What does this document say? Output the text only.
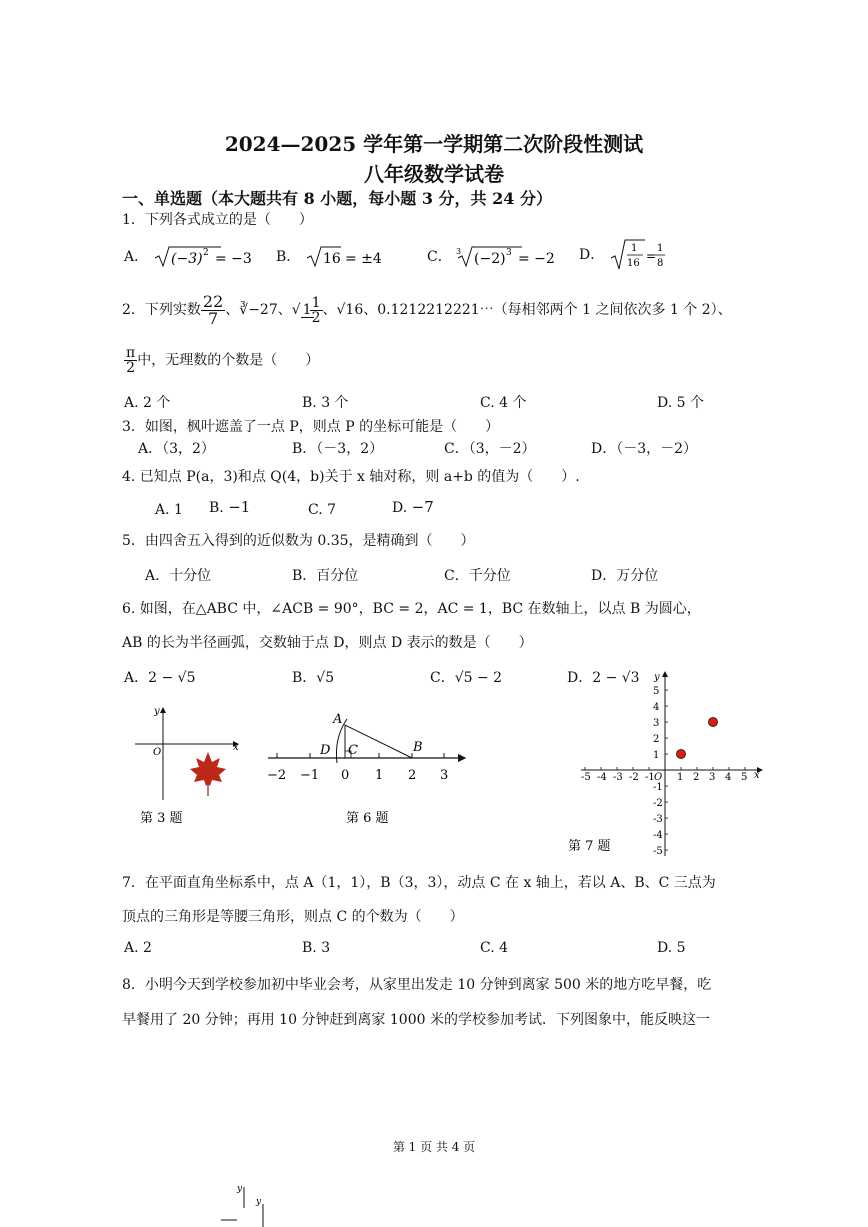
2024—2025 学年第一学期第二次阶段性测试
八年级数学试卷
一、单选题（本大题共有 8 小题，每小题 3 分，共 24 分）
1．下列各式成立的是（　　）
A． (−3) 2 = −3 B． 16 = ±4	C． 3 (−2) 3 = −2 D．	1
16
=
1
8
2．下列实数 $\frac{22}{7}$ 、∛−27、√ 1
$\frac{1}{2}$ 、√16、0.1212212221⋯（每相邻两个 1 之间依次多 1 个 2）、
$\frac{\pi}{2}$ 中，无理数的个数是（　　）
A. 2 个	B. 3 个	C. 4 个	D. 5 个
3．如图，枫叶遮盖了一点 P，则点 P 的坐标可能是（　　）
A．（3，2）	B．（－3，2）	C．（3，－2）	D．（－3，－2）
4. 已知点 P(a，3)和点 Q(4，b)关于 x 轴对称，则 a+b 的值为（　　）.
A. 1 B. −1	C. 7	D. −7
5．由四舍五入得到的近似数为 0.35，是精确到（　　）
A．十分位	B．百分位	C．千分位	D．万分位
6. 如图，在△ABC 中，∠ACB = 90°，BC = 2，AC = 1，BC 在数轴上，以点 B 为圆心，
AB 的长为半径画弧，交数轴于点 D，则点 D 表示的数是（　　）
A．2 − √5	B．√5	C．√5 − 2	D．2 − √3
x
y
O
第 3 题
−2 −1 0 1 2 3
A
B
C
D
第 6 题
-5 -4 -3 -2 -1 1 2 3 4 5
5
4
3
2
1
-1
-2
-3
-4
-5
x
y
O
第 7 题
7．在平面直角坐标系中，点 A（1，1），B（3，3），动点 C 在 x 轴上，若以 A、B、C 三点为
顶点的三角形是等腰三角形，则点 C 的个数为（　　）
A. 2	B. 3	C. 4	D. 5
8．小明今天到学校参加初中毕业会考，从家里出发走 10 分钟到离家 500 米的地方吃早餐，吃
早餐用了 20 分钟；再用 10 分钟赶到离家 1000 米的学校参加考试．下列图象中，能反映这一
第 1 页 共 4 页
y
y
